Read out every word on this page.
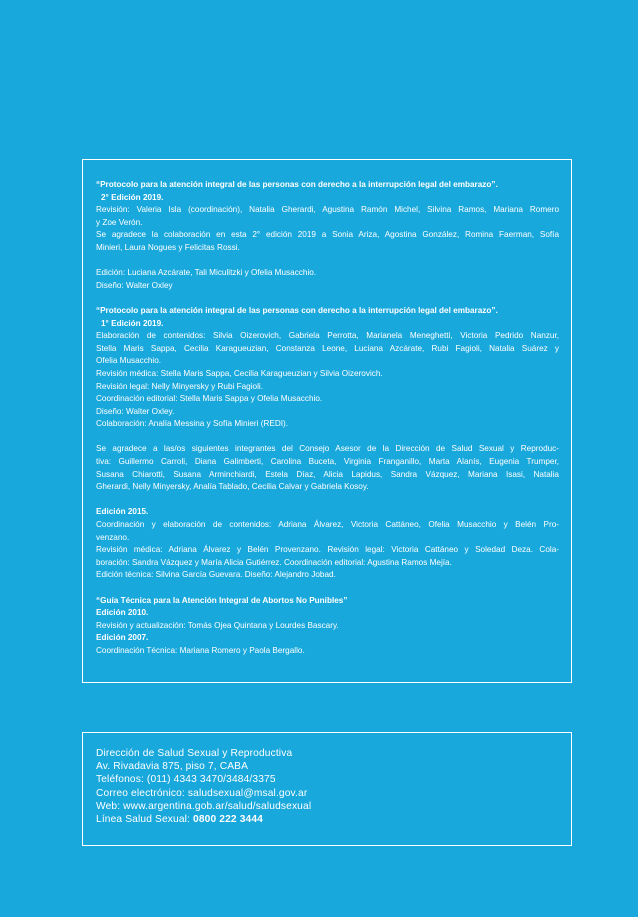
“Protocolo para la atención integral de las personas con derecho a la interrupción legal del embarazo”.
2° Edición 2019.
Revisión: Valeria Isla (coordinación), Natalia Gherardi, Agustina Ramón Michel, Silvina Ramos, Mariana Romero
y Zoe Verón.
Se agradece la colaboración en esta 2° edición 2019 a Sonia Ariza, Agostina González, Romina Faerman, Sofía
Minieri, Laura Nogues y Felicitas Rossi.
Edición: Luciana Azcárate, Tali Miculitzki y Ofelia Musacchio.
Diseño: Walter Oxley
“Protocolo para la atención integral de las personas con derecho a la interrupción legal del embarazo”.
1° Edición 2019.
Elaboración de contenidos: Silvia Oizerovich, Gabriela Perrotta, Marianela Meneghetti, Victoria Pedrido Nanzur,
Stella Maris Sappa, Cecilia Karagueuzian, Constanza Leone, Luciana Azcárate, Rubi Fagioli, Natalia Suárez y
Ofelia Musacchio.
Revisión médica: Stella Maris Sappa, Cecilia Karagueuzian y Silvia Oizerovich.
Revisión legal: Nelly Minyersky y Rubi Fagioli.
Coordinación editorial: Stella Maris Sappa y Ofelia Musacchio.
Diseño: Walter Oxley.
Colaboración: Analía Messina y Sofía Minieri (REDI).
Se agradece a las/os siguientes integrantes del Consejo Asesor de la Dirección de Salud Sexual y Reproduc-
tiva: Guillermo Carroli, Diana Galimberti, Carolina Buceta, Virginia Franganillo, Marta Alanís, Eugenia Trumper,
Susana Chiarotti, Susana Arminchiardi, Estela Díaz, Alicia Lapidus, Sandra Vázquez, Mariana Isasi, Natalia
Gherardi, Nelly Minyersky, Analía Tablado, Cecilia Calvar y Gabriela Kosoy.
Edición 2015.
Coordinación y elaboración de contenidos: Adriana Álvarez, Victoria Cattáneo, Ofelia Musacchio y Belén Pro-
venzano.
Revisión médica: Adriana Álvarez y Belén Provenzano. Revisión legal: Victoria Cattáneo y Soledad Deza. Cola-
boración: Sandra Vázquez y María Alicia Gutiérrez. Coordinación editorial: Agustina Ramos Mejía.
Edición técnica: Silvina García Guevara. Diseño: Alejandro Jobad.
“Guía Técnica para la Atención Integral de Abortos No Punibles”
Edición 2010.
Revisión y actualización: Tomás Ojea Quintana y Lourdes Bascary.
Edición 2007.
Coordinación Técnica: Mariana Romero y Paola Bergallo.
Dirección de Salud Sexual y Reproductiva
Av. Rivadavia 875, piso 7, CABA
Teléfonos: (011) 4343 3470/3484/3375
Correo electrónico: saludsexual@msal.gov.ar
Web: www.argentina.gob.ar/salud/saludsexual
Línea Salud Sexual: 0800 222 3444
